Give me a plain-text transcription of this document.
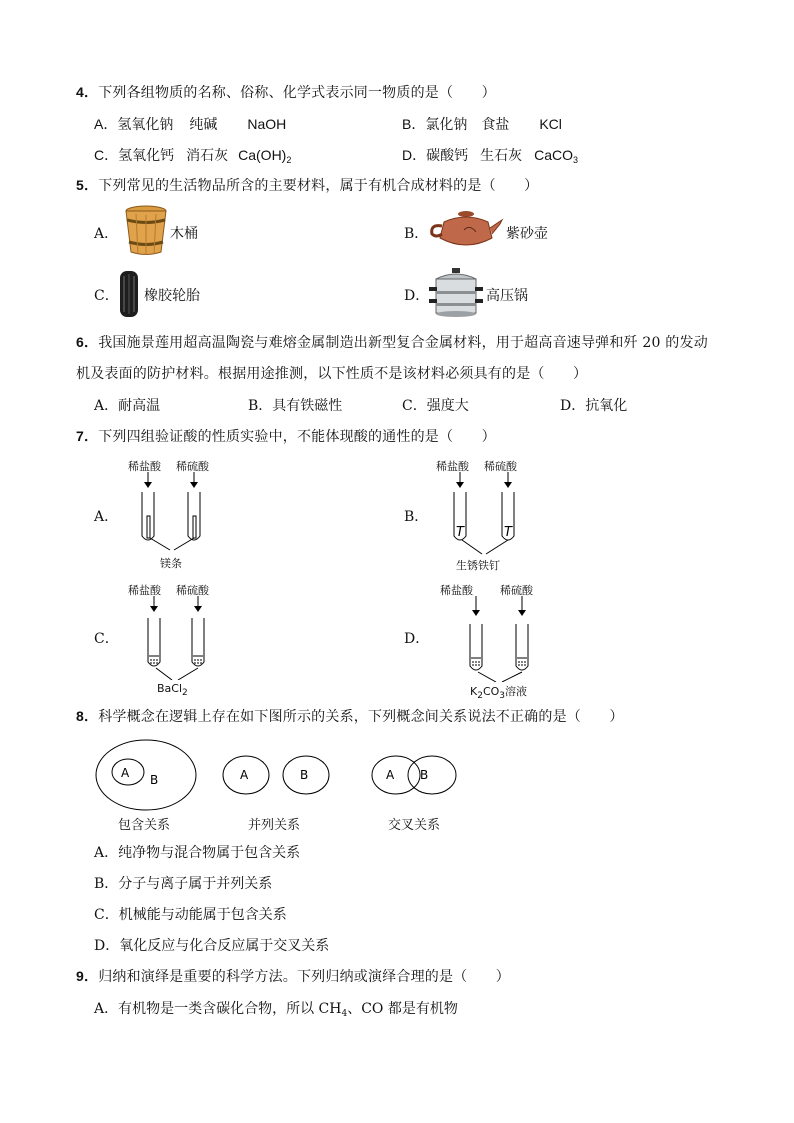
4．下列各组物质的名称、俗称、化学式表示同一物质的是（　　）
A．氢氧化钠 纯碱 NaOH	B．氯化钠 食盐 KCl
C．氢氧化钙 消石灰 $Ca(OH)_2$	D．碳酸钙 生石灰 CaCO$_3$
5．下列常见的生活物品所含的主要材料，属于有机合成材料的是（　　）
A．	木桶	B．	紫砂壶
C． 橡胶轮胎	D．	高压锅
6．我国施景莲用超高温陶瓷与难熔金属制造出新型复合金属材料，用于超高音速导弹和歼 20 的发动
机及表面的防护材料。根据用途推测，以下性质不是该材料必须具有的是（　　）
A．耐高温	B．具有铁磁性	C．强度大	D．抗氧化
7．下列四组验证酸的性质实验中，不能体现酸的通性的是（　　）
A．
稀盐酸 稀硫酸
镁条
B．
稀盐酸 稀硫酸
T	T
生锈铁钉
C．
稀盐酸 稀硫酸
BaCl$_2$
D．
稀盐酸 稀硫酸
$K_2CO_3$溶液
8．科学概念在逻辑上存在如下图所示的关系，下列概念间关系说法不正确的是（　　）
A B	A	B	A B
包含关系	并列关系	交叉关系
A．纯净物与混合物属于包含关系
B．分子与离子属于并列关系
C．机械能与动能属于包含关系
D．氧化反应与化合反应属于交叉关系
9．归纳和演绎是重要的科学方法。下列归纳或演绎合理的是（　　）
A．有机物是一类含碳化合物，所以 $CH_4$、CO 都是有机物
